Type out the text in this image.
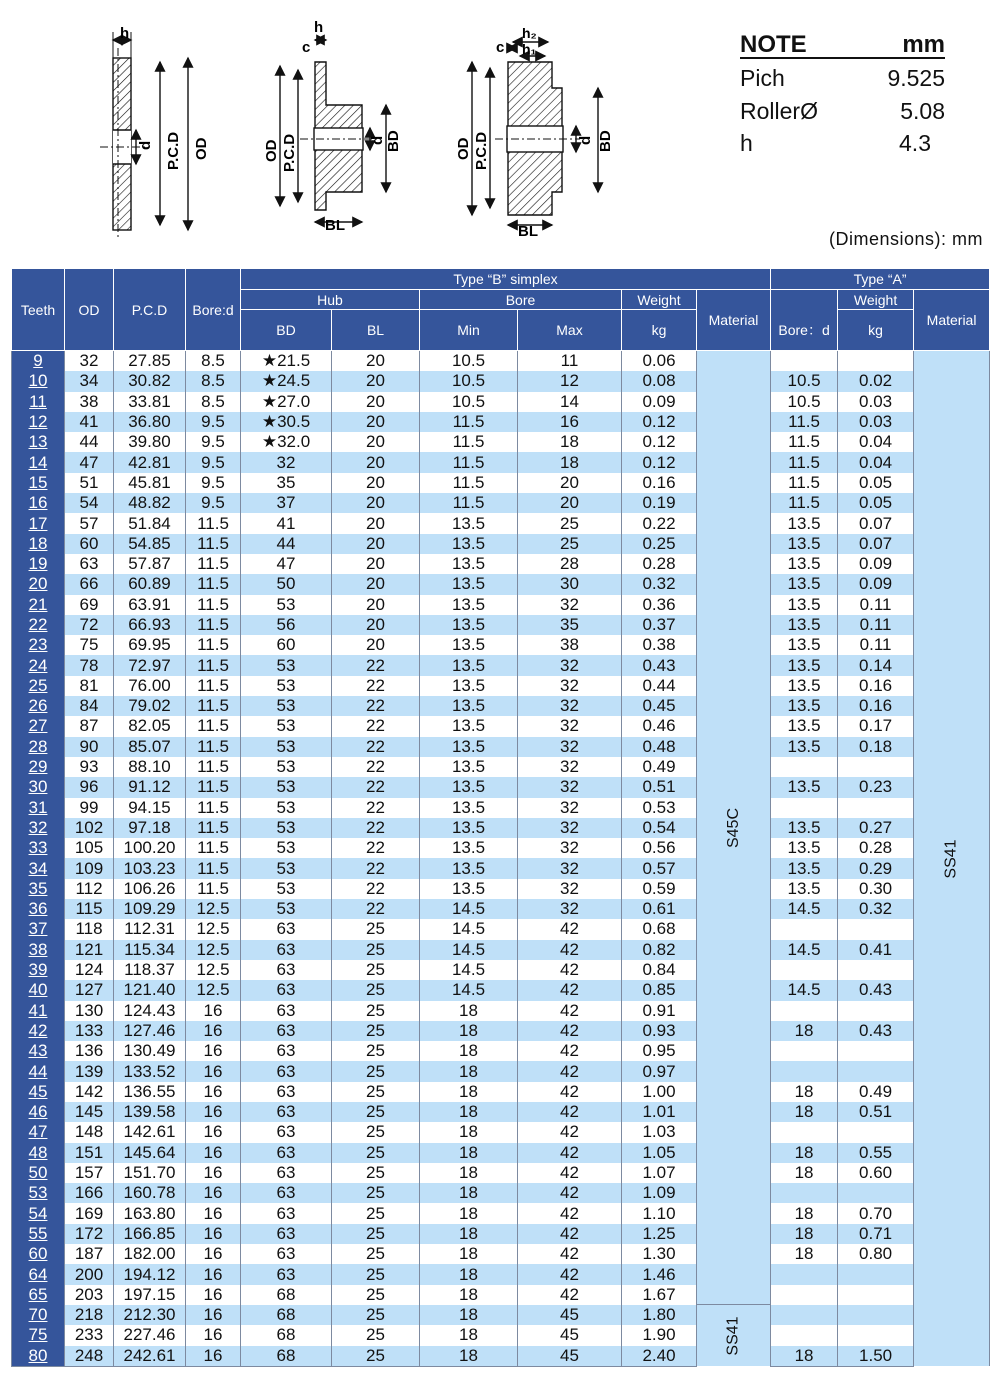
h
d P.C.D OD
h
c
OD P.C.D	d BD
BL
h₂
h₁
c
OD P.C.D	d BD
BL
NOTE	mm
Pich	9.525
RollerØ	5.08
h	4.3
(Dimensions): mm
Teeth	OD	P.C.D	Bore:d	Type “B” simplex						Type “A”		
				Hub		Bore		Weight	Material	Bore：d	Weight	Material
				BD	BL	Min	Max	kg			kg	
9	32	27.85	8.5	★21.5	20	10.5	11	0.06	S45C			SS41
10	34	30.82	8.5	★24.5	20	10.5	12	0.08		10.5	0.02	
11	38	33.81	8.5	★27.0	20	10.5	14	0.09		10.5	0.03	
12	41	36.80	9.5	★30.5	20	11.5	16	0.12		11.5	0.03	
13	44	39.80	9.5	★32.0	20	11.5	18	0.12		11.5	0.04	
14	47	42.81	9.5	32	20	11.5	18	0.12		11.5	0.04	
15	51	45.81	9.5	35	20	11.5	20	0.16		11.5	0.05	
16	54	48.82	9.5	37	20	11.5	20	0.19		11.5	0.05	
17	57	51.84	11.5	41	20	13.5	25	0.22		13.5	0.07	
18	60	54.85	11.5	44	20	13.5	25	0.25		13.5	0.07	
19	63	57.87	11.5	47	20	13.5	28	0.28		13.5	0.09	
20	66	60.89	11.5	50	20	13.5	30	0.32		13.5	0.09	
21	69	63.91	11.5	53	20	13.5	32	0.36		13.5	0.11	
22	72	66.93	11.5	56	20	13.5	35	0.37		13.5	0.11	
23	75	69.95	11.5	60	20	13.5	38	0.38		13.5	0.11	
24	78	72.97	11.5	53	22	13.5	32	0.43		13.5	0.14	
25	81	76.00	11.5	53	22	13.5	32	0.44		13.5	0.16	
26	84	79.02	11.5	53	22	13.5	32	0.45		13.5	0.16	
27	87	82.05	11.5	53	22	13.5	32	0.46		13.5	0.17	
28	90	85.07	11.5	53	22	13.5	32	0.48		13.5	0.18	
29	93	88.10	11.5	53	22	13.5	32	0.49				
30	96	91.12	11.5	53	22	13.5	32	0.51		13.5	0.23	
31	99	94.15	11.5	53	22	13.5	32	0.53				
32	102	97.18	11.5	53	22	13.5	32	0.54		13.5	0.27	
33	105	100.20	11.5	53	22	13.5	32	0.56		13.5	0.28	
34	109	103.23	11.5	53	22	13.5	32	0.57		13.5	0.29	
35	112	106.26	11.5	53	22	13.5	32	0.59		13.5	0.30	
36	115	109.29	12.5	53	22	14.5	32	0.61		14.5	0.32	
37	118	112.31	12.5	63	25	14.5	42	0.68				
38	121	115.34	12.5	63	25	14.5	42	0.82		14.5	0.41	
39	124	118.37	12.5	63	25	14.5	42	0.84				
40	127	121.40	12.5	63	25	14.5	42	0.85		14.5	0.43	
41	130	124.43	16	63	25	18	42	0.91				
42	133	127.46	16	63	25	18	42	0.93		18	0.43	
43	136	130.49	16	63	25	18	42	0.95				
44	139	133.52	16	63	25	18	42	0.97				
45	142	136.55	16	63	25	18	42	1.00		18	0.49	
46	145	139.58	16	63	25	18	42	1.01		18	0.51	
47	148	142.61	16	63	25	18	42	1.03				
48	151	145.64	16	63	25	18	42	1.05		18	0.55	
50	157	151.70	16	63	25	18	42	1.07		18	0.60	
53	166	160.78	16	63	25	18	42	1.09				
54	169	163.80	16	63	25	18	42	1.10		18	0.70	
55	172	166.85	16	63	25	18	42	1.25		18	0.71	
60	187	182.00	16	63	25	18	42	1.30		18	0.80	
64	200	194.12	16	63	25	18	42	1.46				
65	203	197.15	16	68	25	18	42	1.67				
70	218	212.30	16	68	25	18	45	1.80	SS41			
75	233	227.46	16	68	25	18	45	1.90				
80	248	242.61	16	68	25	18	45	2.40		18	1.50	
